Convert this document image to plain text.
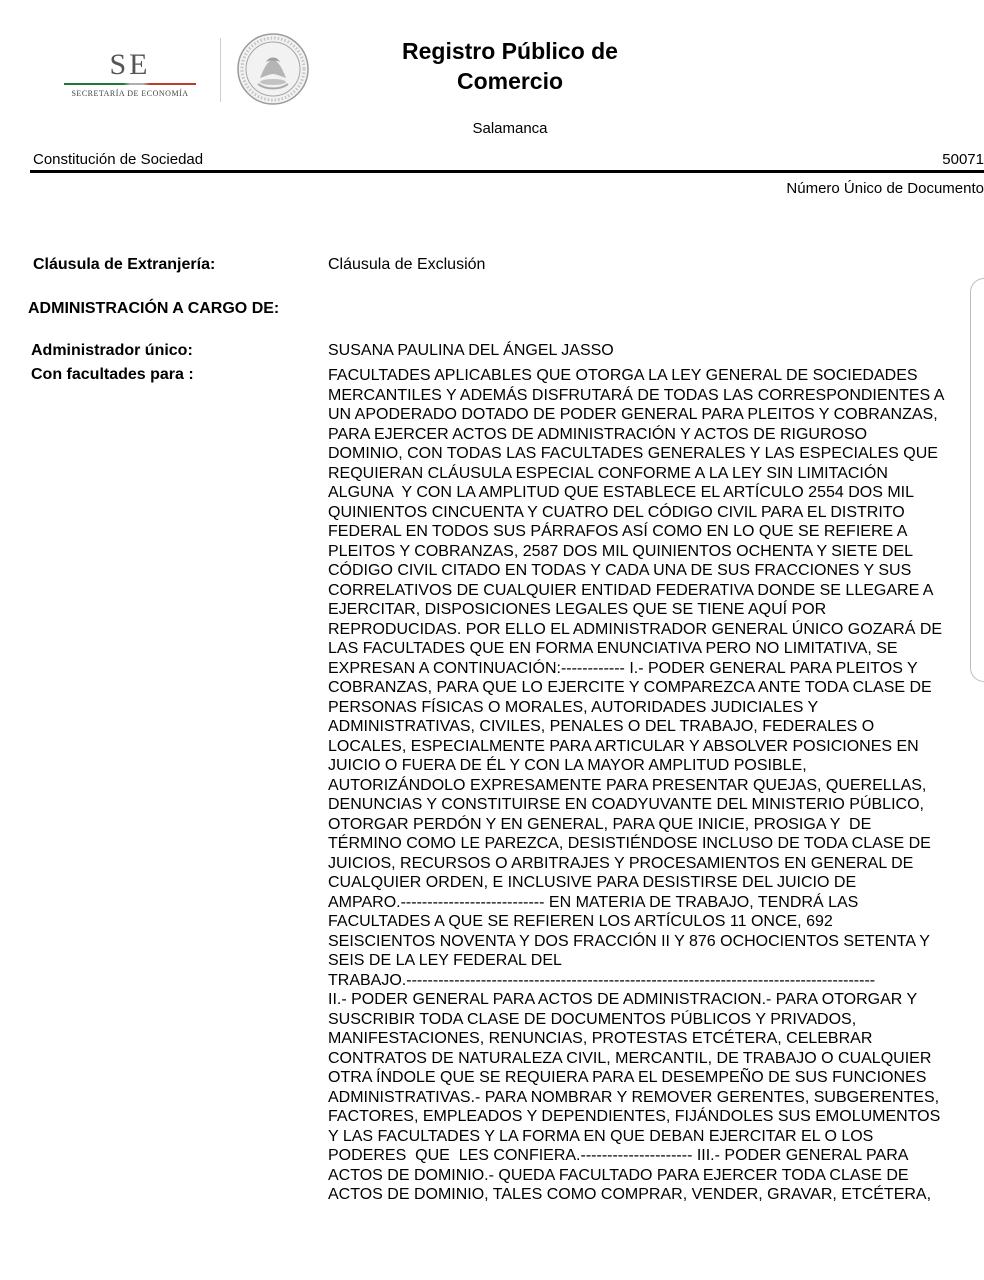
SE
SECRETARÍA DE ECONOMÍA
Registro Público de
Comercio
Salamanca
Constitución de Sociedad	50071
Número Único de Documento
Cláusula de Extranjería:	Cláusula de Exclusión
ADMINISTRACIÓN A CARGO DE:
Administrador único:	SUSANA PAULINA DEL ÁNGEL JASSO
Con facultades para :	FACULTADES APLICABLES QUE OTORGA LA LEY GENERAL DE SOCIEDADES
MERCANTILES Y ADEMÁS DISFRUTARÁ DE TODAS LAS CORRESPONDIENTES A
UN APODERADO DOTADO DE PODER GENERAL PARA PLEITOS Y COBRANZAS,
PARA EJERCER ACTOS DE ADMINISTRACIÓN Y ACTOS DE RIGUROSO
DOMINIO, CON TODAS LAS FACULTADES GENERALES Y LAS ESPECIALES QUE
REQUIERAN CLÁUSULA ESPECIAL CONFORME A LA LEY SIN LIMITACIÓN
ALGUNA  Y CON LA AMPLITUD QUE ESTABLECE EL ARTÍCULO 2554 DOS MIL
QUINIENTOS CINCUENTA Y CUATRO DEL CÓDIGO CIVIL PARA EL DISTRITO
FEDERAL EN TODOS SUS PÁRRAFOS ASÍ COMO EN LO QUE SE REFIERE A
PLEITOS Y COBRANZAS, 2587 DOS MIL QUINIENTOS OCHENTA Y SIETE DEL
CÓDIGO CIVIL CITADO EN TODAS Y CADA UNA DE SUS FRACCIONES Y SUS
CORRELATIVOS DE CUALQUIER ENTIDAD FEDERATIVA DONDE SE LLEGARE A
EJERCITAR, DISPOSICIONES LEGALES QUE SE TIENE AQUÍ POR
REPRODUCIDAS. POR ELLO EL ADMINISTRADOR GENERAL ÚNICO GOZARÁ DE
LAS FACULTADES QUE EN FORMA ENUNCIATIVA PERO NO LIMITATIVA, SE
EXPRESAN A CONTINUACIÓN:------------ I.- PODER GENERAL PARA PLEITOS Y
COBRANZAS, PARA QUE LO EJERCITE Y COMPAREZCA ANTE TODA CLASE DE
PERSONAS FÍSICAS O MORALES, AUTORIDADES JUDICIALES Y
ADMINISTRATIVAS, CIVILES, PENALES O DEL TRABAJO, FEDERALES O
LOCALES, ESPECIALMENTE PARA ARTICULAR Y ABSOLVER POSICIONES EN
JUICIO O FUERA DE ÉL Y CON LA MAYOR AMPLITUD POSIBLE,
AUTORIZÁNDOLO EXPRESAMENTE PARA PRESENTAR QUEJAS, QUERELLAS,
DENUNCIAS Y CONSTITUIRSE EN COADYUVANTE DEL MINISTERIO PÚBLICO,
OTORGAR PERDÓN Y EN GENERAL, PARA QUE INICIE, PROSIGA Y  DE
TÉRMINO COMO LE PAREZCA, DESISTIÉNDOSE INCLUSO DE TODA CLASE DE
JUICIOS, RECURSOS O ARBITRAJES Y PROCESAMIENTOS EN GENERAL DE
CUALQUIER ORDEN, E INCLUSIVE PARA DESISTIRSE DEL JUICIO DE
AMPARO.--------------------------- EN MATERIA DE TRABAJO, TENDRÁ LAS
FACULTADES A QUE SE REFIEREN LOS ARTÍCULOS 11 ONCE, 692
SEISCIENTOS NOVENTA Y DOS FRACCIÓN II Y 876 OCHOCIENTOS SETENTA Y
SEIS DE LA LEY FEDERAL DEL
TRABAJO.----------------------------------------------------------------------------------------
II.- PODER GENERAL PARA ACTOS DE ADMINISTRACION.- PARA OTORGAR Y
SUSCRIBIR TODA CLASE DE DOCUMENTOS PÚBLICOS Y PRIVADOS,
MANIFESTACIONES, RENUNCIAS, PROTESTAS ETCÉTERA, CELEBRAR
CONTRATOS DE NATURALEZA CIVIL, MERCANTIL, DE TRABAJO O CUALQUIER
OTRA ÍNDOLE QUE SE REQUIERA PARA EL DESEMPEÑO DE SUS FUNCIONES
ADMINISTRATIVAS.- PARA NOMBRAR Y REMOVER GERENTES, SUBGERENTES,
FACTORES, EMPLEADOS Y DEPENDIENTES, FIJÁNDOLES SUS EMOLUMENTOS
Y LAS FACULTADES Y LA FORMA EN QUE DEBAN EJERCITAR EL O LOS
PODERES  QUE  LES CONFIERA.--------------------- III.- PODER GENERAL PARA
ACTOS DE DOMINIO.- QUEDA FACULTADO PARA EJERCER TODA CLASE DE
ACTOS DE DOMINIO, TALES COMO COMPRAR, VENDER, GRAVAR, ETCÉTERA,
